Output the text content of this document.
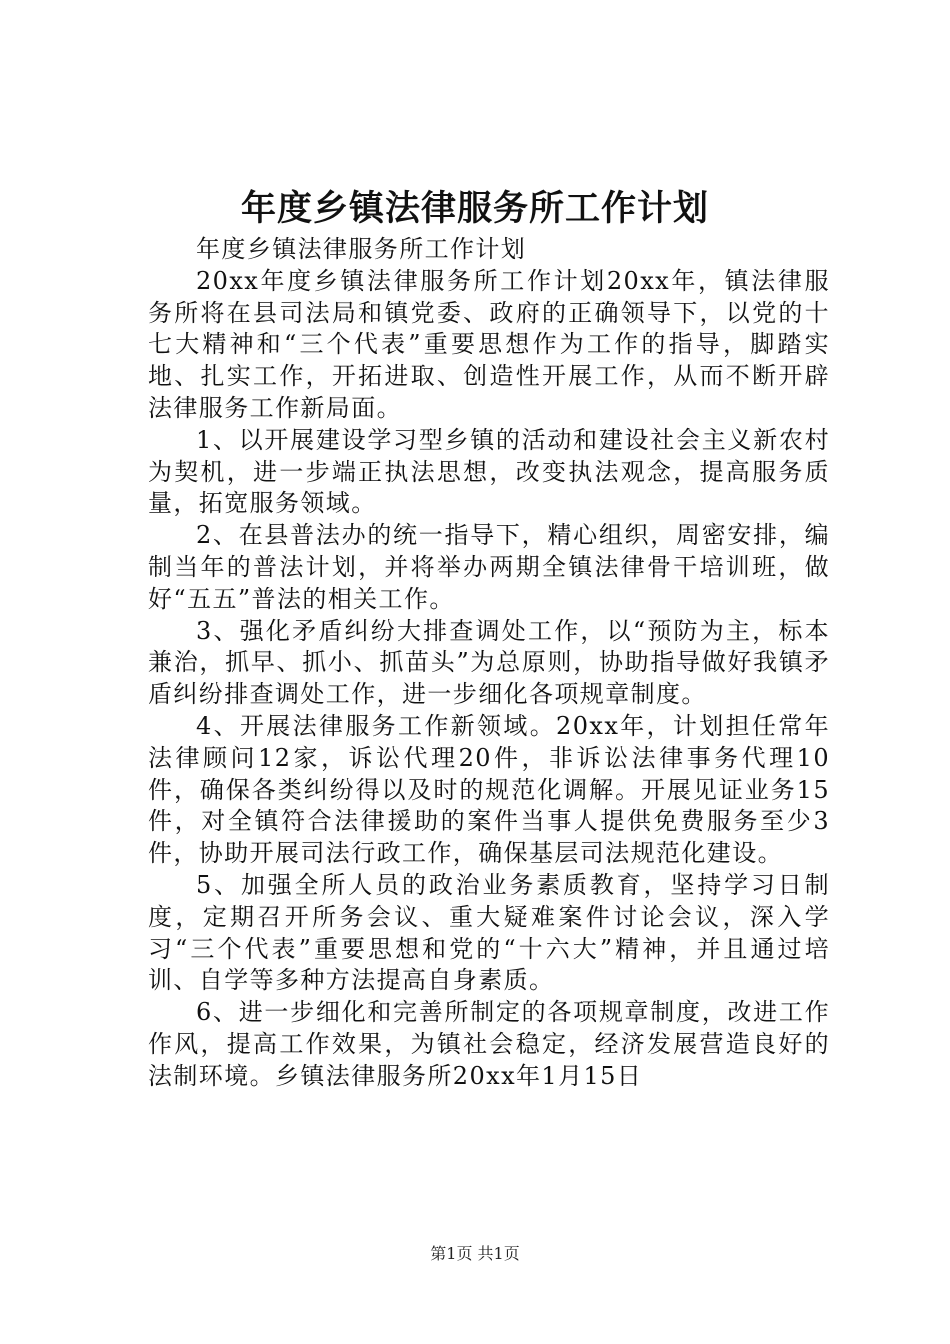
年度乡镇法律服务所工作计划

年度乡镇法律服务所工作计划

20xx年度乡镇法律服务所工作计划20xx年，镇法律服务所将在县司法局和镇党委、政府的正确领导下，以党的十七大精神和“三个代表”重要思想作为工作的指导，脚踏实地、扎实工作，开拓进取、创造性开展工作，从而不断开辟法律服务工作新局面。

1、以开展建设学习型乡镇的活动和建设社会主义新农村为契机，进一步端正执法思想，改变执法观念，提高服务质量，拓宽服务领域。

2、在县普法办的统一指导下，精心组织，周密安排，编制当年的普法计划，并将举办两期全镇法律骨干培训班，做好“五五”普法的相关工作。

3、强化矛盾纠纷大排查调处工作，以“预防为主，标本兼治，抓早、抓小、抓苗头”为总原则，协助指导做好我镇矛盾纠纷排查调处工作，进一步细化各项规章制度。

4、开展法律服务工作新领域。20xx年，计划担任常年法律顾问12家，诉讼代理20件，非诉讼法律事务代理10件，确保各类纠纷得以及时的规范化调解。开展见证业务15件，对全镇符合法律援助的案件当事人提供免费服务至少3件，协助开展司法行政工作，确保基层司法规范化建设。

5、加强全所人员的政治业务素质教育，坚持学习日制度，定期召开所务会议、重大疑难案件讨论会议，深入学习“三个代表”重要思想和党的“十六大”精神，并且通过培训、自学等多种方法提高自身素质。

6、进一步细化和完善所制定的各项规章制度，改进工作作风，提高工作效果，为镇社会稳定，经济发展营造良好的法制环境。乡镇法律服务所20xx年1月15日

第1页 共1页
